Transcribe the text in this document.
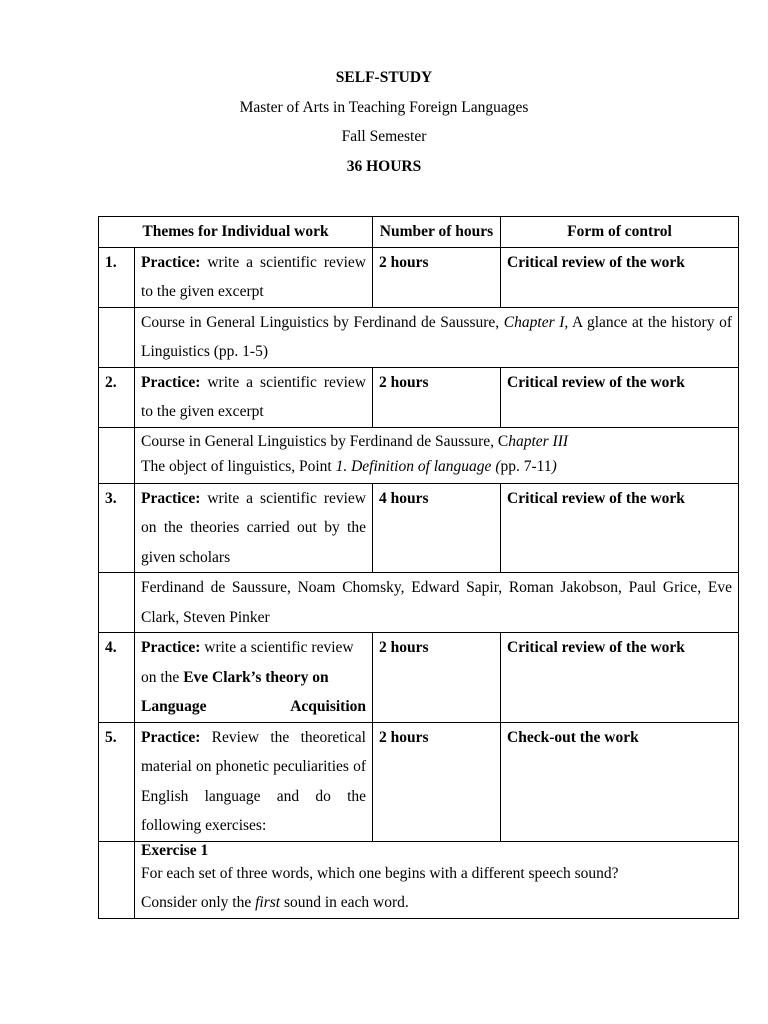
SELF-STUDY
Master of Arts in Teaching Foreign Languages
Fall Semester
36 HOURS
Themes for Individual work		Number of hours	Form of control
1.	Practice: write a scientific review to the given excerpt	2 hours	Critical review of the work
	Course in General Linguistics by Ferdinand de Saussure, Chapter I, A glance at the history of Linguistics (pp. 1-5)		
2.	Practice: write a scientific review to the given excerpt	2 hours	Critical review of the work

	Course in General Linguistics by Ferdinand de Saussure, Chapter III
The object of linguistics, Point 1. Definition of language (pp. 7-11)		

3.	Practice: write a scientific review on the theories carried out by the given scholars	4 hours	Critical review of the work
	Ferdinand de Saussure, Noam Chomsky, Edward Sapir, Roman Jakobson, Paul Grice, Eve Clark, Steven Pinker		
4.	Practice: write a scientific review on the Eve Clark’s theory on Language Acquisition	2 hours	Critical review of the work
5.	Practice: Review the theoretical material on phonetic peculiarities of English language and do the following exercises:	2 hours	Check-out the work

	Exercise 1
For each set of three words, which one begins with a different speech sound?
Consider only the first sound in each word.		
